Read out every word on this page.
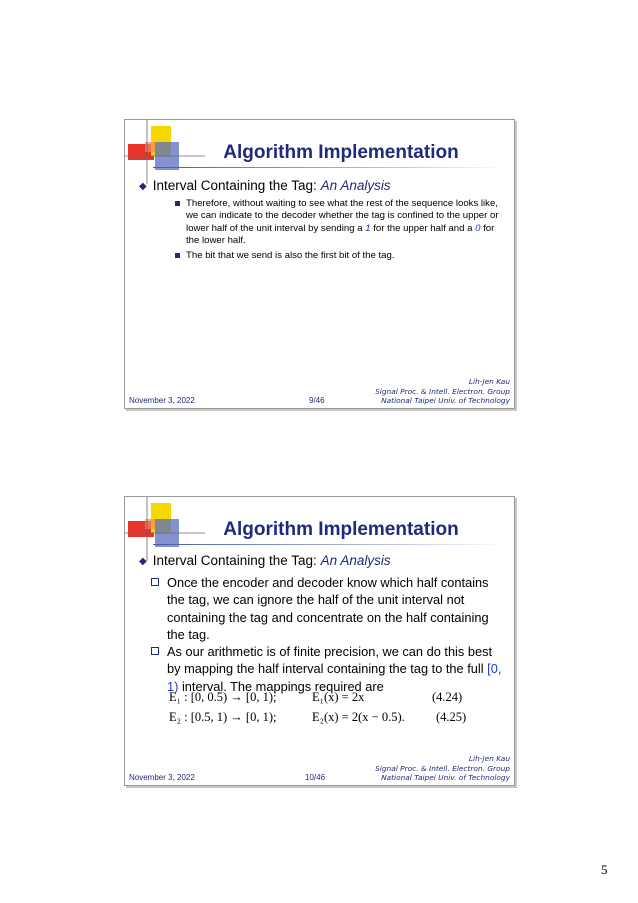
Algorithm Implementation
◆ Interval Containing the Tag: An Analysis
Therefore, without waiting to see what the rest of the sequence looks like, we can indicate to the decoder whether the tag is confined to the upper or lower half of the unit interval by sending a 1 for the upper half and a 0 for the lower half.
The bit that we send is also the first bit of the tag.
November 3, 2022	9/46
Lih-Jen Kau
Signal Proc. & Intell. Electron. Group
National Taipei Univ. of Technology
Algorithm Implementation
◆ Interval Containing the Tag: An Analysis
Once the encoder and decoder know which half contains the tag, we can ignore the half of the unit interval not containing the tag and concentrate on the half containing the tag.
As our arithmetic is of finite precision, we can do this best by mapping the half interval containing the tag to the full [0, 1) interval. The mappings required are
E₁ : [0, 0.5) → [0, 1);	E₁(x) = 2x	(4.24)
E₂ : [0.5, 1) → [0, 1);	E₂(x) = 2(x − 0.5).	(4.25)
November 3, 2022	10/46
Lih-Jen Kau
Signal Proc. & Intell. Electron. Group
National Taipei Univ. of Technology
5
